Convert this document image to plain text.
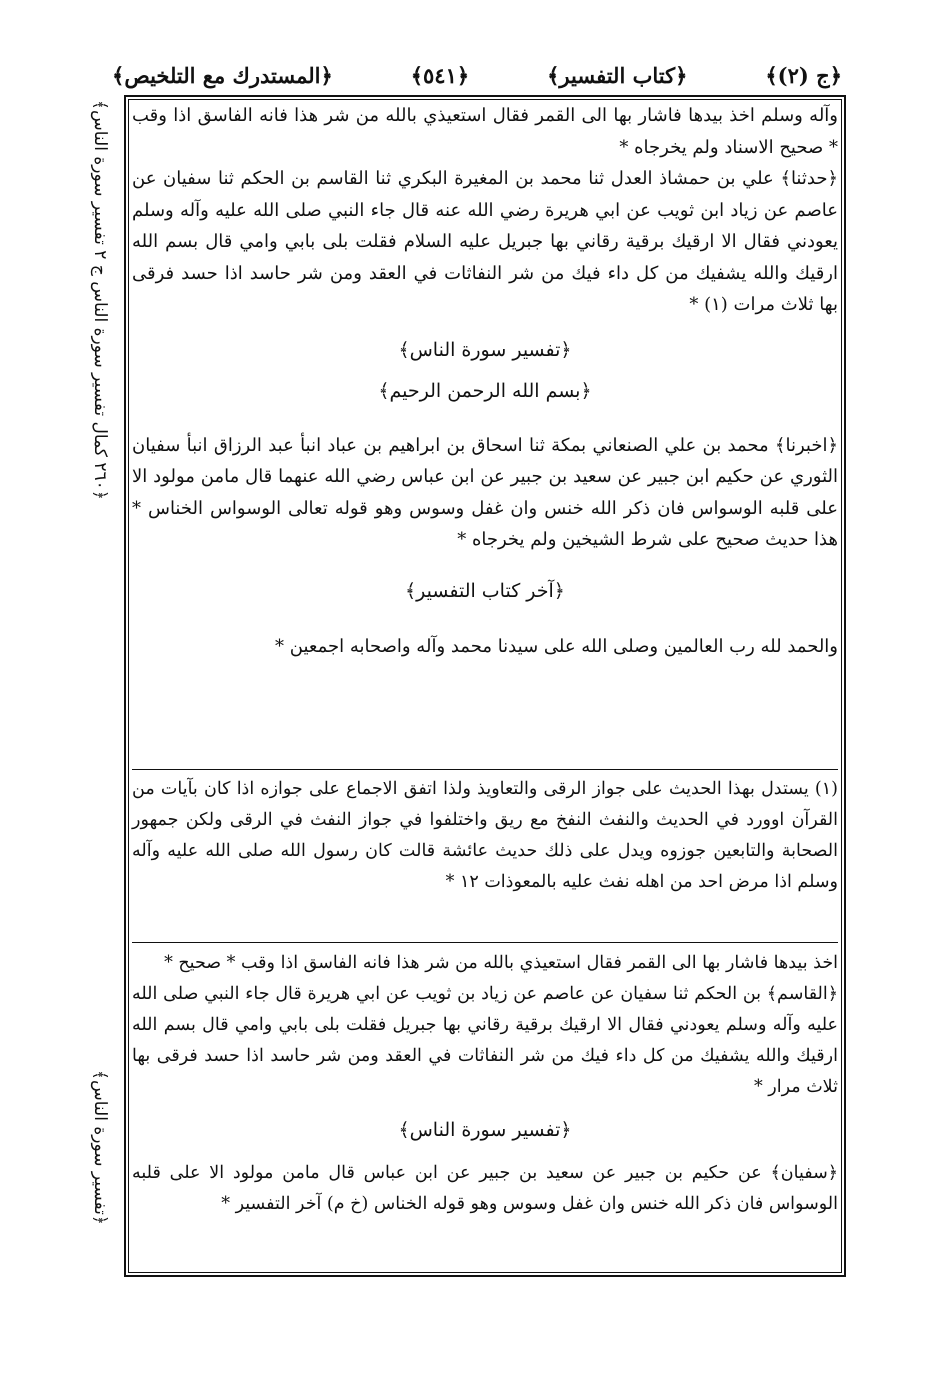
﴿المستدرك مع التلخيص﴾	﴿٥٤١﴾	﴿كتاب التفسير﴾	﴿ج (٢)﴾
﴿٢٦٠ كمال تفسير سورة الناس ج ٢ تفسير سورة الناس﴾
﴿تفسير سورة الناس﴾

وآله وسلم اخذ بيدها فاشار بها الى القمر فقال استعيذي بالله من شر هذا فانه الفاسق اذا وقب * صحيح الاسناد ولم يخرجاه *

﴿حدثنا﴾ علي بن حمشاذ العدل ثنا محمد بن المغيرة البكري ثنا القاسم بن الحكم ثنا سفيان عن عاصم عن زياد ابن ثويب عن ابي هريرة رضي الله عنه قال جاء النبي صلى الله عليه وآله وسلم يعودني فقال الا ارقيك برقية رقاني بها جبريل عليه السلام فقلت بلى بابي وامي قال بسم الله ارقيك والله يشفيك من كل داء فيك من شر النفاثات في العقد ومن شر حاسد اذا حسد فرقى بها ثلاث مرات (١) *

﴿تفسير سورة الناس﴾

﴿بسم الله الرحمن الرحيم﴾

﴿اخبرنا﴾ محمد بن علي الصنعاني بمكة ثنا اسحاق بن ابراهيم بن عباد انبأ عبد الرزاق انبأ سفيان الثوري عن حكيم ابن جبير عن سعيد بن جبير عن ابن عباس رضي الله عنهما قال مامن مولود الا على قلبه الوسواس فان ذكر الله خنس وان غفل وسوس وهو قوله تعالى الوسواس الخناس * هذا حديث صحيح على شرط الشيخين ولم يخرجاه *

﴿آخر كتاب التفسير﴾

والحمد لله رب العالمين وصلى الله على سيدنا محمد وآله واصحابه اجمعين *

(١) يستدل بهذا الحديث على جواز الرقى والتعاويذ ولذا اتفق الاجماع على جوازه اذا كان بآيات من القرآن اوورد في الحديث والنفث النفخ مع ريق واختلفوا في جواز النفث في الرقى ولكن جمهور الصحابة والتابعين جوزوه ويدل على ذلك حديث عائشة قالت كان رسول الله صلى الله عليه وآله وسلم اذا مرض احد من اهله نفث عليه بالمعوذات ١٢ *

اخذ بيدها فاشار بها الى القمر فقال استعيذي بالله من شر هذا فانه الفاسق اذا وقب * صحيح *

﴿القاسم﴾ بن الحكم ثنا سفيان عن عاصم عن زياد بن ثويب عن ابي هريرة قال جاء النبي صلى الله عليه وآله وسلم يعودني فقال الا ارقيك برقية رقاني بها جبريل فقلت بلى بابي وامي قال بسم الله ارقيك والله يشفيك من كل داء فيك من شر النفاثات في العقد ومن شر حاسد اذا حسد فرقى بها ثلاث مرار *

﴿تفسير سورة الناس﴾

﴿سفيان﴾ عن حكيم بن جبير عن سعيد بن جبير عن ابن عباس قال مامن مولود الا على قلبه الوسواس فان ذكر الله خنس وان غفل وسوس وهو قوله الخناس (خ م) آخر التفسير *
